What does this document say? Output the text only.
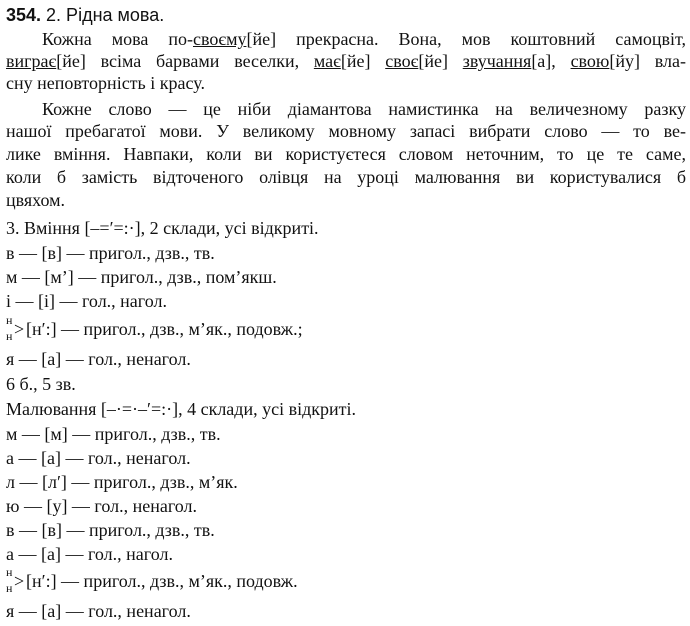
354. 2. Рідна мова.
Кожна мова по-своєму[йе] прекрасна. Вона, мов коштовний самоцвіт,
виграє[йе] всіма барвами веселки, має[йе] своє[йе] звучання[а], свою[йу] вла-
сну неповторність і красу.
Кожне слово — це ніби діамантова намистинка на величезному разку
нашої пребагатої мови. У великому мовному запасі вибрати слово — то ве-
лике вміння. Навпаки, коли ви користуєтеся словом неточним, то це те саме,
коли б замість відточеного олівця на уроці малювання ви користувалися б
цвяхом.
3. Вміння [–=′=:·], 2 склади, усі відкриті.
в — [в] — пригол., дзв., тв.
м — [м’] — пригол., дзв., пом’якш.
і — [і] — гол., нагол.
н
н > [н′:] — пригол., дзв., м’як., подовж.;
я — [а] — гол., ненагол.
6 б., 5 зв.
Малювання [–·=·–′=:·], 4 склади, усі відкриті.
м — [м] — пригол., дзв., тв.
а — [а] — гол., ненагол.
л — [л′] — пригол., дзв., м’як.
ю — [у] — гол., ненагол.
в — [в] — пригол., дзв., тв.
а — [а] — гол., нагол.
н
н > [н′:] — пригол., дзв., м’як., подовж.
я — [а] — гол., ненагол.
